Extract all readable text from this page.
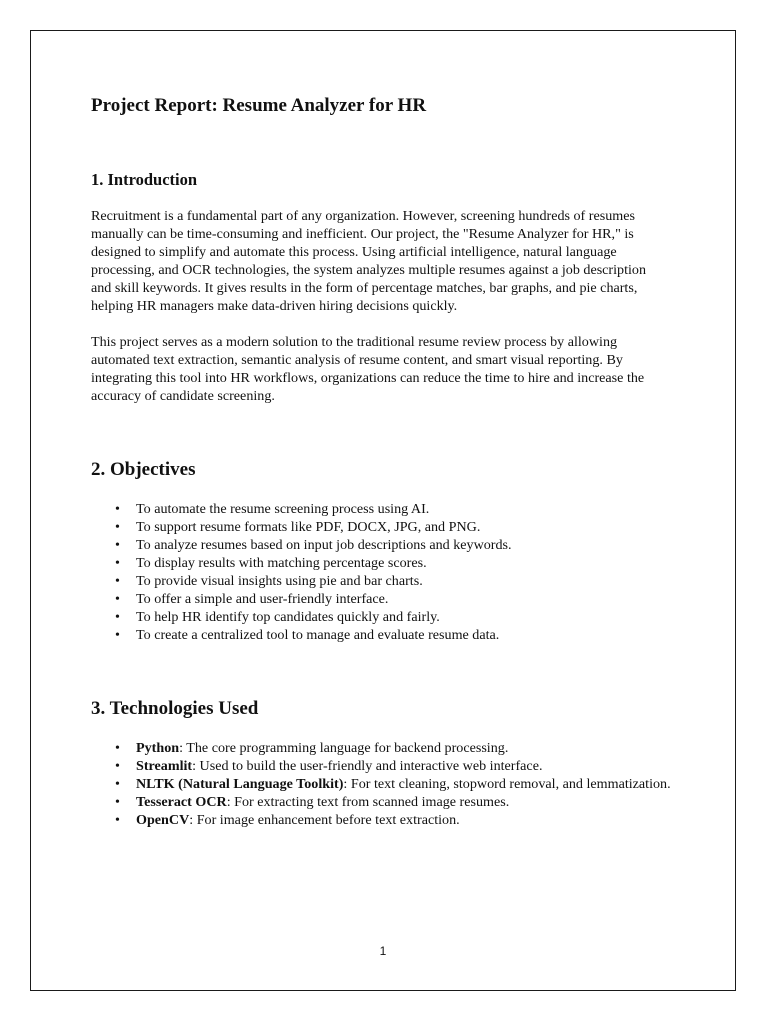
Project Report: Resume Analyzer for HR
1. Introduction

Recruitment is a fundamental part of any organization. However, screening hundreds of resumes manually can be time-consuming and inefficient. Our project, the "Resume Analyzer for HR," is designed to simplify and automate this process. Using artificial intelligence, natural language processing, and OCR technologies, the system analyzes multiple resumes against a job description and skill keywords. It gives results in the form of percentage matches, bar graphs, and pie charts, helping HR managers make data-driven hiring decisions quickly.

This project serves as a modern solution to the traditional resume review process by allowing automated text extraction, semantic analysis of resume content, and smart visual reporting. By integrating this tool into HR workflows, organizations can reduce the time to hire and increase the accuracy of candidate screening.

2. Objectives
• To automate the resume screening process using AI.
• To support resume formats like PDF, DOCX, JPG, and PNG.
• To analyze resumes based on input job descriptions and keywords.
• To display results with matching percentage scores.
• To provide visual insights using pie and bar charts.
• To offer a simple and user-friendly interface.
• To help HR identify top candidates quickly and fairly.
• To create a centralized tool to manage and evaluate resume data.
3. Technologies Used
• Python: The core programming language for backend processing.
• Streamlit: Used to build the user-friendly and interactive web interface.
• NLTK (Natural Language Toolkit): For text cleaning, stopword removal, and lemmatization.
• Tesseract OCR: For extracting text from scanned image resumes.
• OpenCV: For image enhancement before text extraction.
1
